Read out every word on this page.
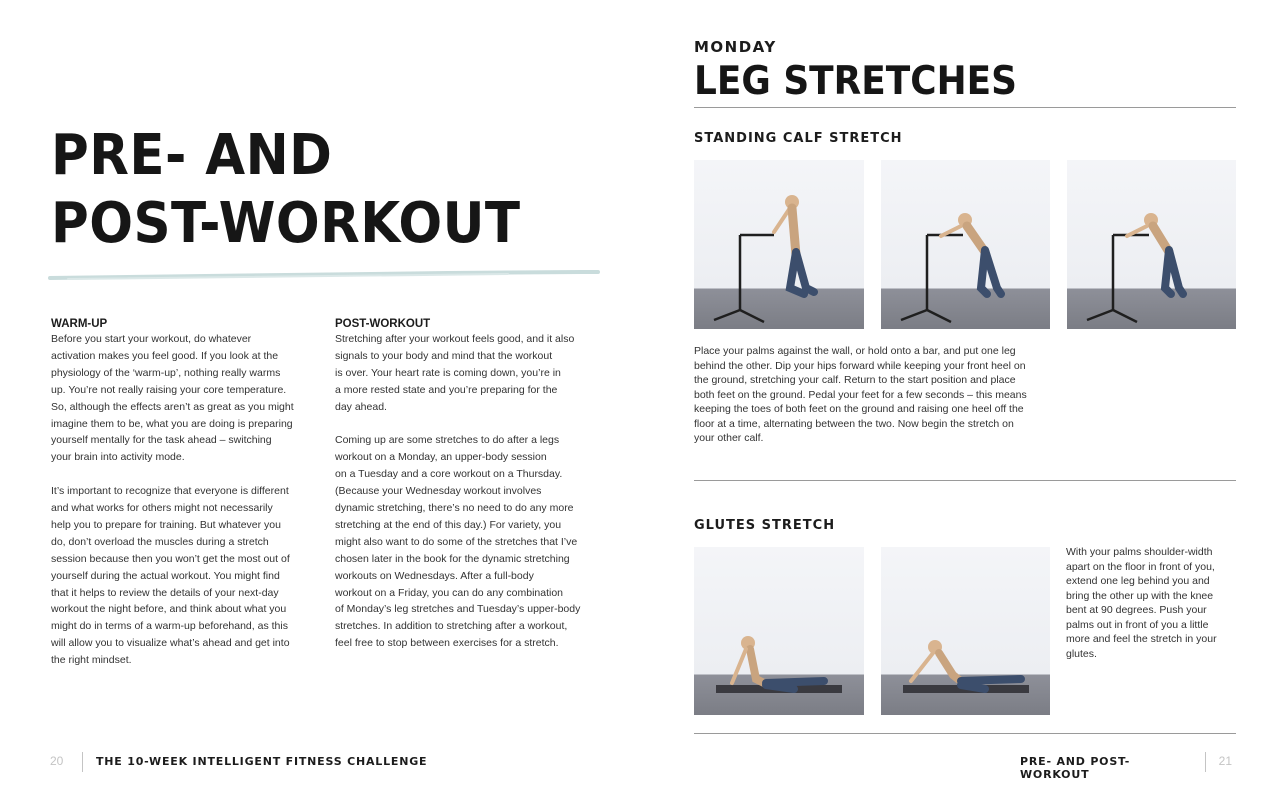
PRE- AND
POST-WORKOUT
WARM-UP

Before you start your workout, do whatever
activation makes you feel good. If you look at the
physiology of the ‘warm-up’, nothing really warms
up. You’re not really raising your core temperature.
So, although the effects aren’t as great as you might
imagine them to be, what you are doing is preparing
yourself mentally for the task ahead – switching
your brain into activity mode.

It’s important to recognize that everyone is different
and what works for others might not necessarily
help you to prepare for training. But whatever you
do, don’t overload the muscles during a stretch
session because then you won’t get the most out of
yourself during the actual workout. You might find
that it helps to review the details of your next-day
workout the night before, and think about what you
might do in terms of a warm-up beforehand, as this
will allow you to visualize what’s ahead and get into
the right mindset.

POST-WORKOUT

Stretching after your workout feels good, and it also
signals to your body and mind that the workout
is over. Your heart rate is coming down, you’re in
a more rested state and you’re preparing for the
day ahead.

Coming up are some stretches to do after a legs
workout on a Monday, an upper-body session
on a Tuesday and a core workout on a Thursday.
(Because your Wednesday workout involves
dynamic stretching, there’s no need to do any more
stretching at the end of this day.) For variety, you
might also want to do some of the stretches that I’ve
chosen later in the book for the dynamic stretching
workouts on Wednesdays. After a full-body
workout on a Friday, you can do any combination
of Monday’s leg stretches and Tuesday’s upper-body
stretches. In addition to stretching after a workout,
feel free to stop between exercises for a stretch.

20	THE 10-WEEK INTELLIGENT FITNESS CHALLENGE
MONDAY
LEG STRETCHES
STANDING CALF STRETCH

Place your palms against the wall, or hold onto a bar, and put one leg
behind the other. Dip your hips forward while keeping your front heel on
the ground, stretching your calf. Return to the start position and place
both feet on the ground. Pedal your feet for a few seconds – this means
keeping the toes of both feet on the ground and raising one heel off the
floor at a time, alternating between the two. Now begin the stretch on
your other calf.

GLUTES STRETCH

With your palms shoulder-width
apart on the floor in front of you,
extend one leg behind you and
bring the other up with the knee
bent at 90 degrees. Push your
palms out in front of you a little
more and feel the stretch in your
glutes.

PRE- AND POST-WORKOUT
21
